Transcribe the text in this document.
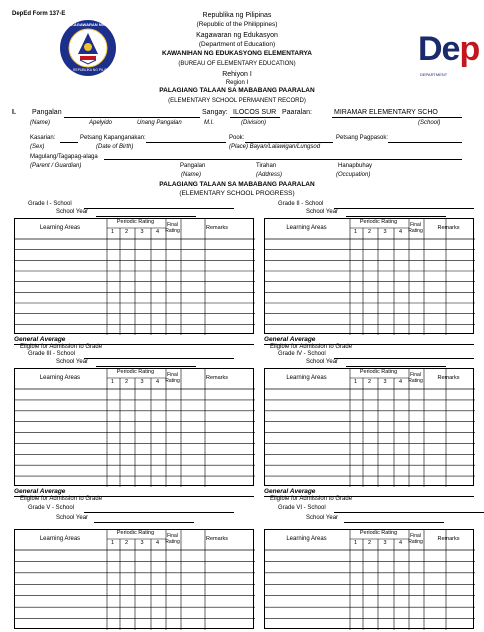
DepEd Form 137-E
KAGAWARAN NG EDUKASYON
REPUBLIKA NG PILIPINAS
Republika ng Pilipinas
(Republic of the Philippines)
Kagawaran ng Edukasyon
(Department of Education)
KAWANIHAN NG EDUKASYONG ELEMENTARYA
(BUREAU OF ELEMENTARY EDUCATION)
Rehiyon I
Region I
PALAGIANG TALAAN SA MABABANG PAARALAN
(ELEMENTARY SCHOOL PERMANENT RECORD)
Dep
DEPARTMENT
I. Pangalan	Sangay: ILOCOS SUR Paaralan:	MIRAMAR ELEMENTARY SCHO
(Name)	Apelyido	Unang Pangalan	M.I.	(Division)	(School)
Kasarian:	Petsang Kapanganakan:	Pook:	Petsang Pagpasok:
(Sex)	(Date of Birth)	(Place) Bayan/Lalawigan/Lungsod
Magulang/Tagapag-alaga
(Parent / Guardian)	Pangalan	Tirahan	Hanapbuhay
(Name)	(Address)	(Occupation)
PALAGIANG TALAAN SA MABABANG PAARALAN
(ELEMENTARY SCHOOL PROGRESS)
Grade I - School
School Year
Learning Areas
Periodic Rating
1	2	3	4
Final
Rating	Remarks
General Average
Eligible for Admission to Grade
Grade II - School
School Year
Learning Areas
Periodic Rating
1	2	3	4
Final
Rating	Remarks
General Average
Eligible for Admission to Grade
Grade III - School
School Year
Learning Areas
Periodic Rating
1	2	3	4
Final
Rating	Remarks
General Average
Eligible for Admission to Grade
Grade IV - School
School Year
Learning Areas
Periodic Rating
1	2	3	4
Final
Rating	Remarks
General Average
Eligible for Admission to Grade
Grade V - School
School Year
Learning Areas
Periodic Rating
1	2	3	4
Final
Rating	Remarks
Grade VI - School
School Year
Learning Areas
Periodic Rating
1	2	3	4
Final
Rating	Remarks
